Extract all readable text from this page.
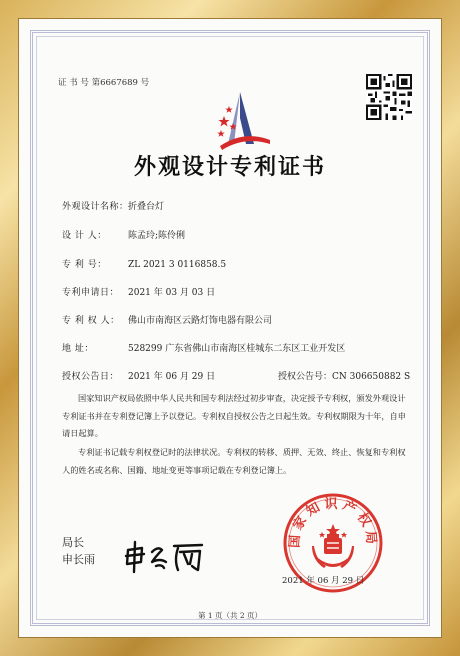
证 书 号 第6667689 号
外观设计专利证书
外观设计名称：折叠台灯
设 计 人： 陈孟玲;陈伶俐
专 利 号： ZL 2021 3 0116858.5
专利申请日： 2021 年 03 月 03 日
专 利 权 人： 佛山市南海区云路灯饰电器有限公司
地 址：	528299 广东省佛山市南海区桂城东二东区工业开发区
授权公告日： 2021 年 06 月 29 日	授权公告号：CN 306650882 S
国家知识产权局依照中华人民共和国专利法经过初步审查，决定授予专利权，颁发外观设计专利证书并在专利登记簿上予以登记。专利权自授权公告之日起生效。专利权期限为十年，自申请日起算。
专利证书记载专利权登记时的法律状况。专利权的转移、质押、无效、终止、恢复和专利权人的姓名或名称、国籍、地址变更等事项记载在专利登记簿上。
局长
申长雨
国家知识产权局
2021 年 06 月 29 日
第 1 页（共 2 页）
